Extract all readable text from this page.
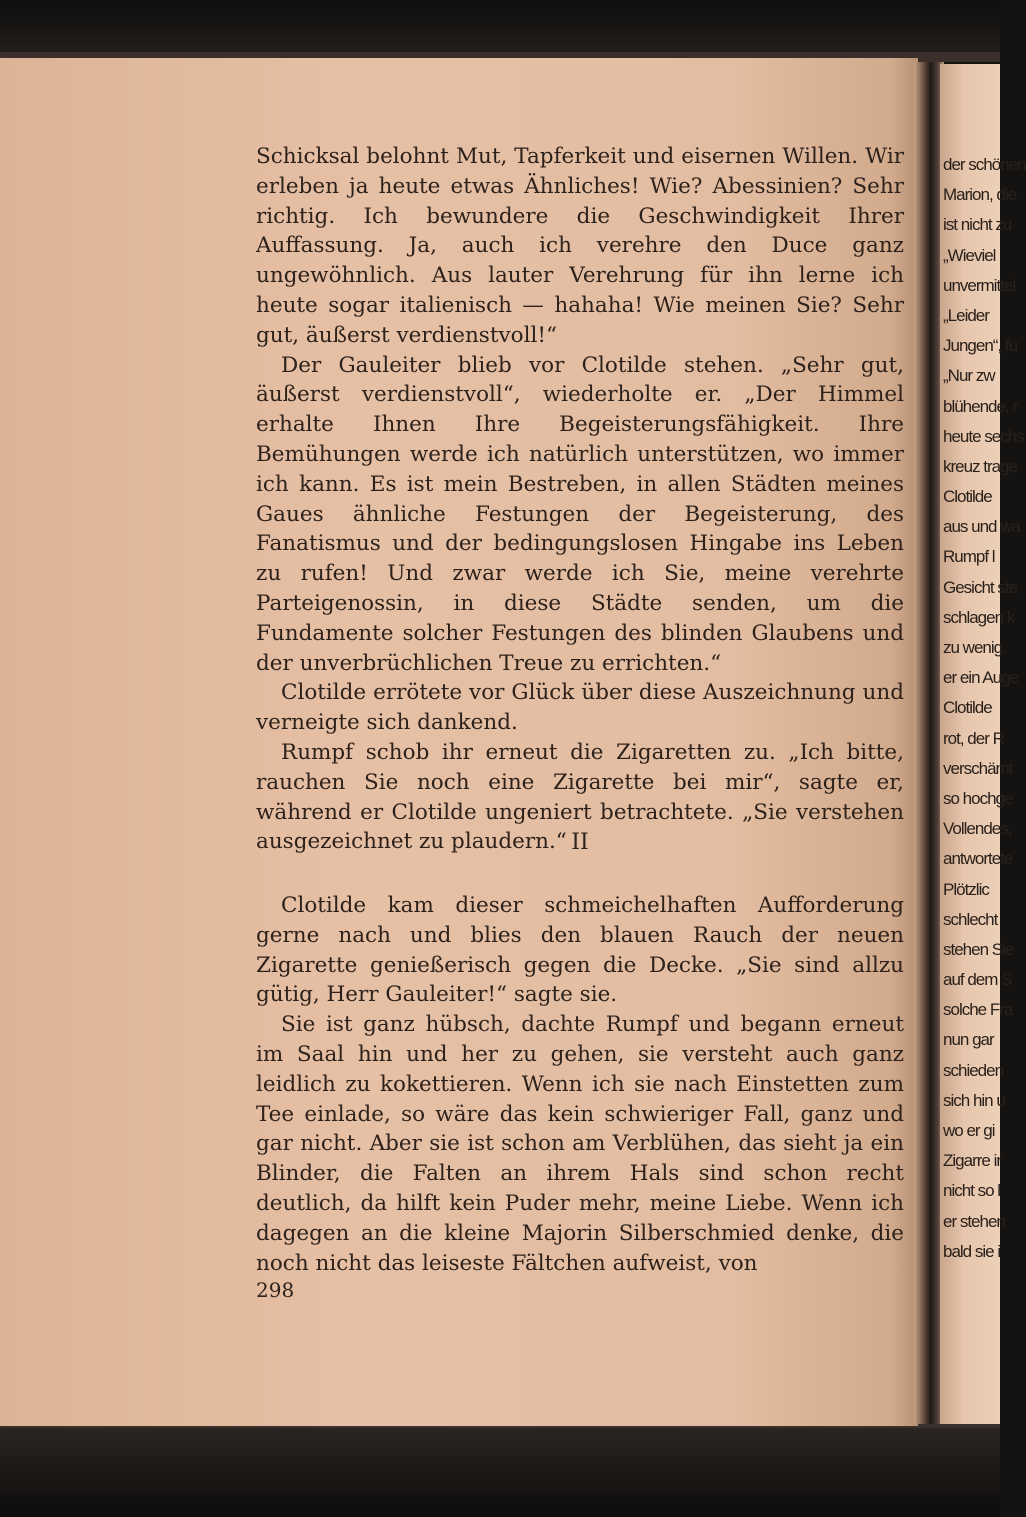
Schicksal belohnt Mut, Tapferkeit und eisernen Willen. Wir erleben ja heute etwas Ähnliches! Wie? Abessinien? Sehr richtig. Ich bewundere die Geschwindigkeit Ihrer Auffassung. Ja, auch ich verehre den Duce ganz ungewöhnlich. Aus lauter Verehrung für ihn lerne ich heute sogar italienisch — hahaha! Wie meinen Sie? Sehr gut, äußerst verdienstvoll!“

Der Gauleiter blieb vor Clotilde stehen. „Sehr gut, äußerst verdienstvoll“, wiederholte er. „Der Himmel erhalte Ihnen Ihre Begeisterungsfähigkeit. Ihre Bemühungen werde ich natürlich unterstützen, wo immer ich kann. Es ist mein Bestreben, in allen Städten meines Gaues ähnliche Festungen der Begeisterung, des Fanatismus und der bedingungslosen Hingabe ins Leben zu rufen! Und zwar werde ich Sie, meine verehrte Parteigenossin, in diese Städte senden, um die Fundamente solcher Festungen des blinden Glaubens und der unverbrüchlichen Treue zu errichten.“

Clotilde errötete vor Glück über diese Auszeichnung und verneigte sich dankend.

Rumpf schob ihr erneut die Zigaretten zu. „Ich bitte, rauchen Sie noch eine Zigarette bei mir“, sagte er, während er Clotilde ungeniert betrachtete. „Sie verstehen ausgezeichnet zu plaudern.“ II

Clotilde kam dieser schmeichelhaften Aufforderung gerne nach und blies den blauen Rauch der neuen Zigarette genießerisch gegen die Decke. „Sie sind allzu gütig, Herr Gauleiter!“ sagte sie.

Sie ist ganz hübsch, dachte Rumpf und begann erneut im Saal hin und her zu gehen, sie versteht auch ganz leidlich zu kokettieren. Wenn ich sie nach Einstetten zum Tee einlade, so wäre das kein schwieriger Fall, ganz und gar nicht. Aber sie ist schon am Verblühen, das sieht ja ein Blinder, die Falten an ihrem Hals sind schon recht deutlich, da hilft kein Puder mehr, meine Liebe. Wenn ich dagegen an die kleine Majorin Silberschmied denke, die noch nicht das leiseste Fältchen aufweist, von

298
der schönen
Marion, die
ist nicht zu
„Wieviel
unvermittel
„Leider
Jungen“, fü
„Nur zw
blühende, r
heute sechs
kreuz trage
Clotilde
aus und wa
Rumpf l
Gesicht ste
schlagen k
zu wenig.
er ein Auge
Clotilde
rot, der R
verschämt
so hochge
Vollendes,
antwortete
Plötzlic
schlecht
stehen Sie
auf dem S
solche Fra
nun gar
schieden
sich hin u
wo er gi
Zigarre ir
nicht so l
er stehen
bald sie i
